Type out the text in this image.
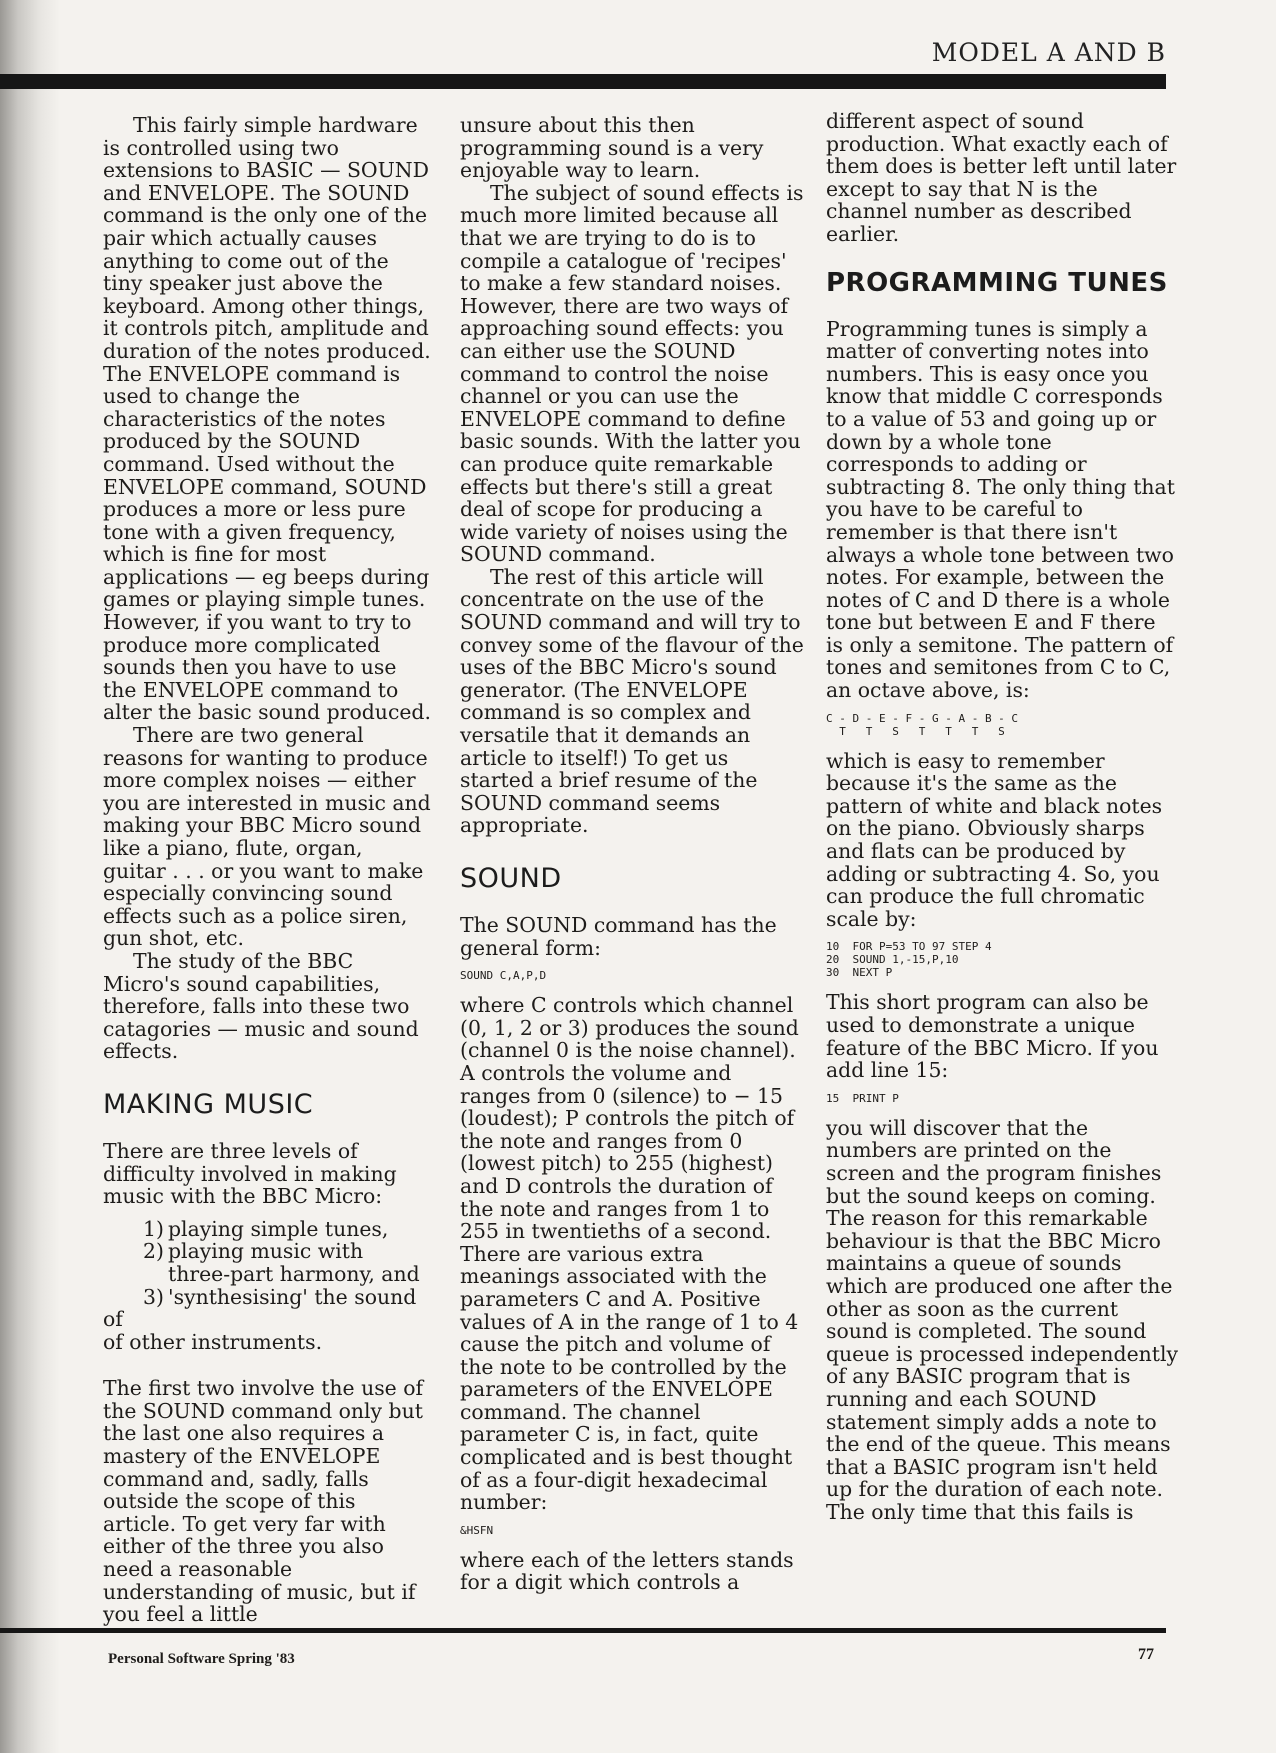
MODEL A AND B

This fairly simple hardware is controlled using two extensions to BASIC — SOUND and ENVELOPE. The SOUND command is the only one of the pair which actually causes anything to come out of the tiny speaker just above the keyboard. Among other things, it controls pitch, amplitude and duration of the notes produced. The ENVELOPE command is used to change the characteristics of the notes produced by the SOUND command. Used without the ENVELOPE command, SOUND produces a more or less pure tone with a given frequency, which is fine for most applications — eg beeps during games or playing simple tunes. However, if you want to try to produce more complicated sounds then you have to use the ENVELOPE command to alter the basic sound produced.

There are two general reasons for wanting to produce more complex noises — either you are interested in music and making your BBC Micro sound like a piano, flute, organ, guitar . . . or you want to make especially convincing sound effects such as a police siren, gun shot, etc.

The study of the BBC Micro's sound capabilities, therefore, falls into these two catagories — music and sound effects.

MAKING MUSIC

There are three levels of difficulty involved in making music with the BBC Micro:

1) playing simple tunes,
2) playing music with three-part harmony, and
3) 'synthesising' the sound

of

of other instruments.

The first two involve the use of the SOUND command only but the last one also requires a mastery of the ENVELOPE command and, sadly, falls outside the scope of this article. To get very far with either of the three you also need a reasonable understanding of music, but if you feel a little

unsure about this then programming sound is a very enjoyable way to learn.

The subject of sound effects is much more limited because all that we are trying to do is to compile a catalogue of 'recipes' to make a few standard noises. However, there are two ways of approaching sound effects: you can either use the SOUND command to control the noise channel or you can use the ENVELOPE command to define basic sounds. With the latter you can produce quite remarkable effects but there's still a great deal of scope for producing a wide variety of noises using the SOUND command.

The rest of this article will concentrate on the use of the SOUND command and will try to convey some of the flavour of the uses of the BBC Micro's sound generator. (The ENVELOPE command is so complex and versatile that it demands an article to itself!) To get us started a brief resume of the SOUND command seems appropriate.

SOUND

The SOUND command has the general form:

SOUND C,A,P,D

where C controls which channel (0, 1, 2 or 3) produces the sound (channel 0 is the noise channel). A controls the volume and ranges from 0 (silence) to − 15 (loudest); P controls the pitch of the note and ranges from 0 (lowest pitch) to 255 (highest) and D controls the duration of the note and ranges from 1 to 255 in twentieths of a second. There are various extra meanings associated with the parameters C and A. Positive values of A in the range of 1 to 4 cause the pitch and volume of the note to be controlled by the parameters of the ENVELOPE command. The channel parameter C is, in fact, quite complicated and is best thought of as a four-digit hexadecimal number:

&HSFN

where each of the letters stands for a digit which controls a

different aspect of sound production. What exactly each of them does is better left until later except to say that N is the channel number as described earlier.

PROGRAMMING TUNES

Programming tunes is simply a matter of converting notes into numbers. This is easy once you know that middle C corresponds to a value of 53 and going up or down by a whole tone corresponds to adding or subtracting 8. The only thing that you have to be careful to remember is that there isn't always a whole tone between two notes. For example, between the notes of C and D there is a whole tone but between E and F there is only a semitone. The pattern of tones and semitones from C to C, an octave above, is:

C - D - E - F - G - A - B - C
T   T   S   T   T   T   S

which is easy to remember because it's the same as the pattern of white and black notes on the piano. Obviously sharps and flats can be produced by adding or subtracting 4. So, you can produce the full chromatic scale by:

10  FOR P=53 TO 97 STEP 4
20  SOUND 1,-15,P,10
30  NEXT P

This short program can also be used to demonstrate a unique feature of the BBC Micro. If you add line 15:

15  PRINT P

you will discover that the numbers are printed on the screen and the program finishes but the sound keeps on coming. The reason for this remarkable behaviour is that the BBC Micro maintains a queue of sounds which are produced one after the other as soon as the current sound is completed. The sound queue is processed independently of any BASIC program that is running and each SOUND statement simply adds a note to the end of the queue. This means that a BASIC program isn't held up for the duration of each note. The only time that this fails is

Personal Software Spring '83	77
